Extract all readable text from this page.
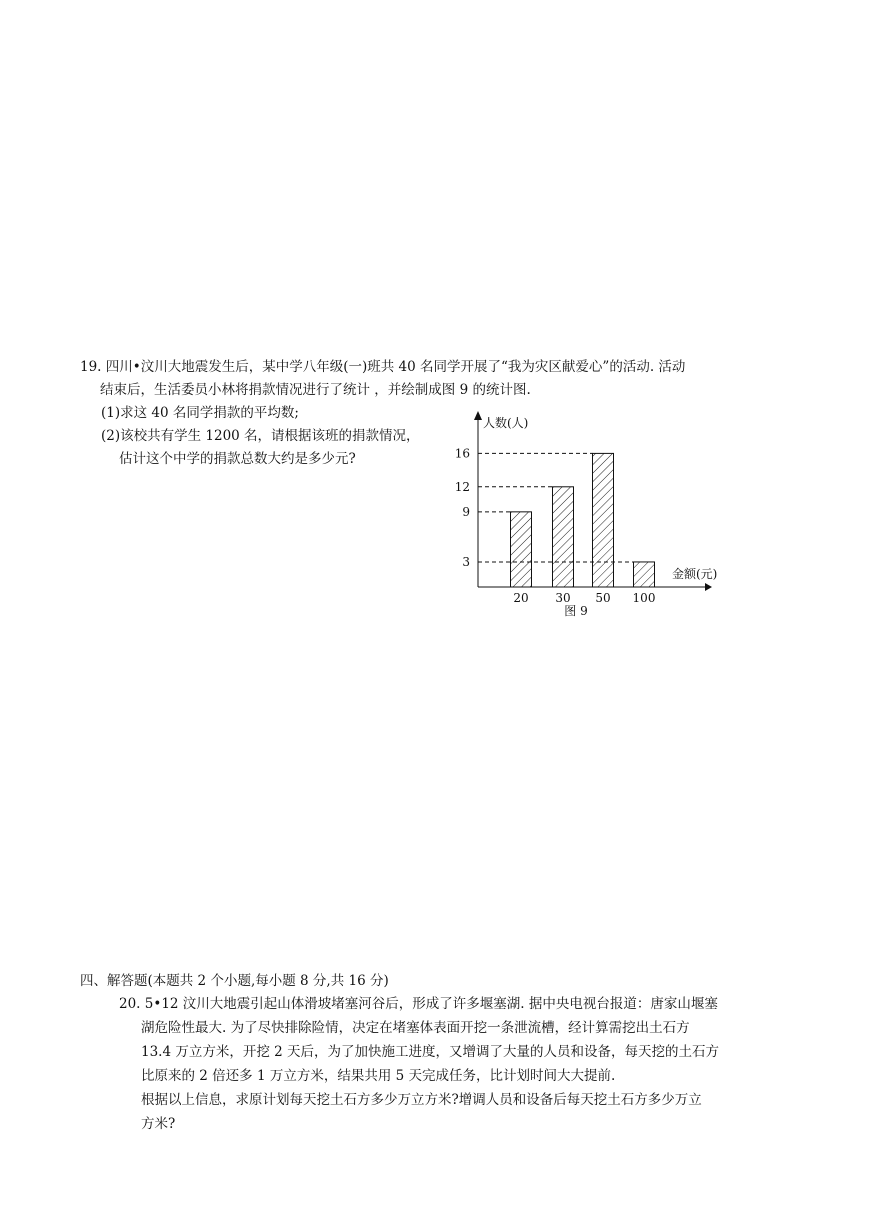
19. 四川•汶川大地震发生后，某中学八年级(一)班共 40 名同学开展了“我为灾区献爱心”的活动. 活动
结束后，生活委员小林将捐款情况进行了统计 ，并绘制成图 9 的统计图.
(1)求这 40 名同学捐款的平均数;
(2)该校共有学生 1200 名，请根据该班的捐款情况，
估计这个中学的捐款总数大约是多少元?
人数(人)
金额(元)
3
9
12
16
20 30 50 100
图 9
四、解答题(本题共 2 个小题,每小题 8 分,共 16 分)
20. 5•12 汶川大地震引起山体滑坡堵塞河谷后，形成了许多堰塞湖. 据中央电视台报道：唐家山堰塞
湖危险性最大. 为了尽快排除险情，决定在堵塞体表面开挖一条泄流槽，经计算需挖出土石方
13.4 万立方米，开挖 2 天后，为了加快施工进度，又增调了大量的人员和设备，每天挖的土石方
比原来的 2 倍还多 1 万立方米，结果共用 5 天完成任务，比计划时间大大提前.
根据以上信息，求原计划每天挖土石方多少万立方米?增调人员和设备后每天挖土石方多少万立
方米?
